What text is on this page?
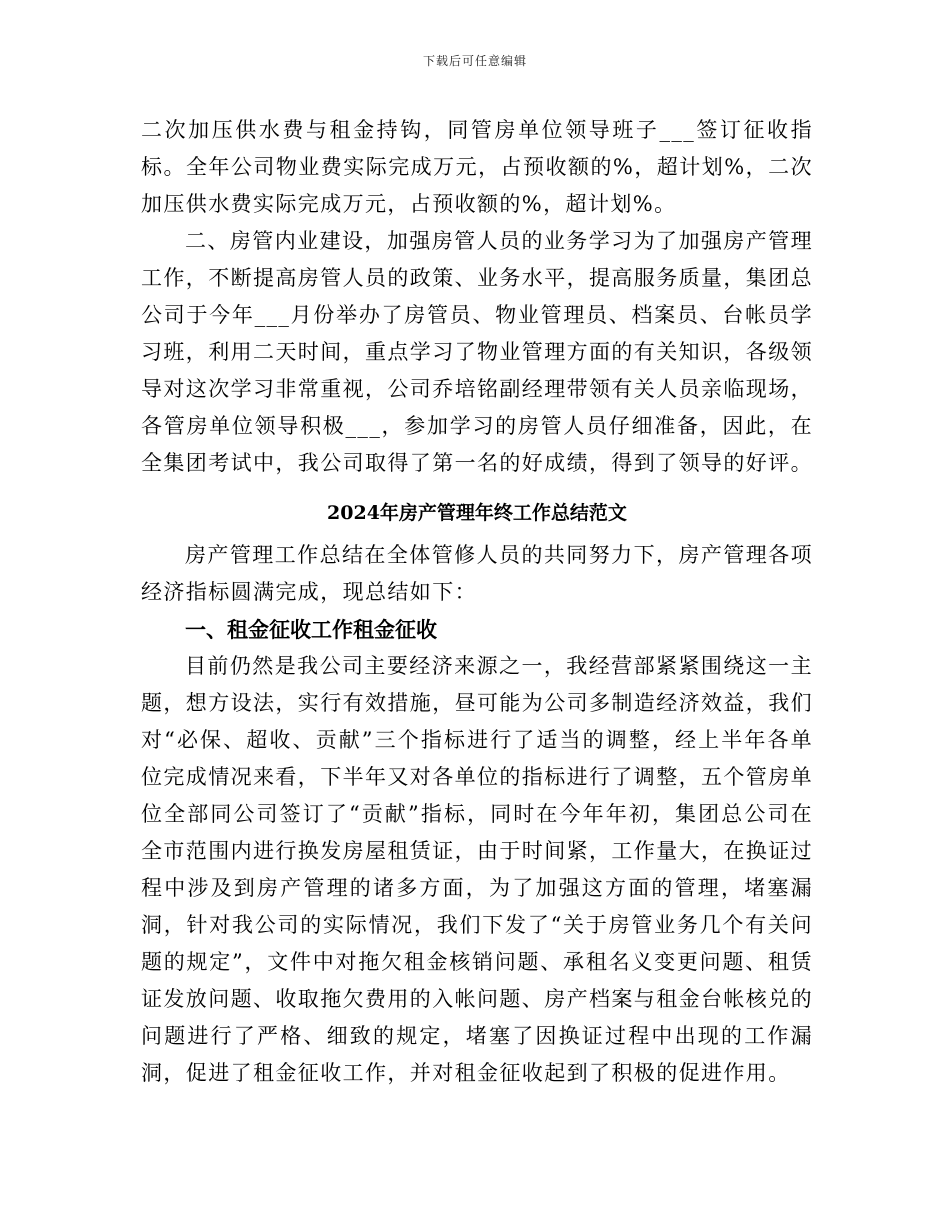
下载后可任意编辑

二次加压供水费与租金持钩，同管房单位领导班子___签订征收指标。全年公司物业费实际完成万元，占预收额的%，超计划%，二次加压供水费实际完成万元，占预收额的%，超计划%。

二、房管内业建设，加强房管人员的业务学习为了加强房产管理工作，不断提高房管人员的政策、业务水平，提高服务质量，集团总公司于今年___月份举办了房管员、物业管理员、档案员、台帐员学习班，利用二天时间，重点学习了物业管理方面的有关知识，各级领导对这次学习非常重视，公司乔培铭副经理带领有关人员亲临现场，各管房单位领导积极___，参加学习的房管人员仔细准备，因此，在全集团考试中，我公司取得了第一名的好成绩，得到了领导的好评。

2024年房产管理年终工作总结范文

房产管理工作总结在全体管修人员的共同努力下，房产管理各项经济指标圆满完成，现总结如下：

一、租金征收工作租金征收

目前仍然是我公司主要经济来源之一，我经营部紧紧围绕这一主题，想方设法，实行有效措施，昼可能为公司多制造经济效益，我们对“必保、超收、贡献”三个指标进行了适当的调整，经上半年各单位完成情况来看，下半年又对各单位的指标进行了调整，五个管房单位全部同公司签订了“贡献”指标，同时在今年年初，集团总公司在全市范围内进行换发房屋租赁证，由于时间紧，工作量大，在换证过程中涉及到房产管理的诸多方面，为了加强这方面的管理，堵塞漏洞，针对我公司的实际情况，我们下发了“关于房管业务几个有关问题的规定”，文件中对拖欠租金核销问题、承租名义变更问题、租赁证发放问题、收取拖欠费用的入帐问题、房产档案与租金台帐核兑的问题进行了严格、细致的规定，堵塞了因换证过程中出现的工作漏洞，促进了租金征收工作，并对租金征收起到了积极的促进作用。
